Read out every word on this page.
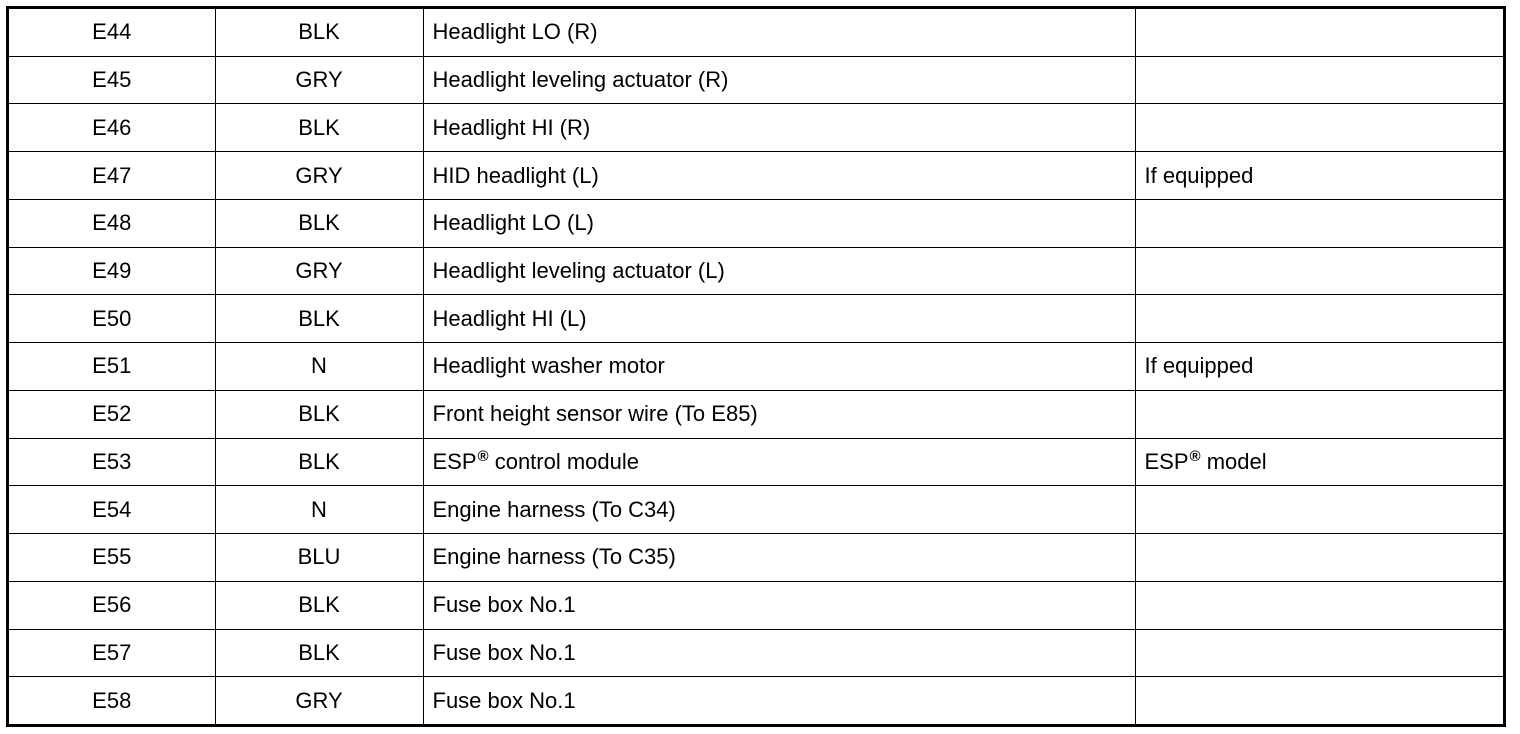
E44	BLK	Headlight LO (R)	
E45	GRY	Headlight leveling actuator (R)	
E46	BLK	Headlight HI (R)	
E47	GRY	HID headlight (L)	If equipped
E48	BLK	Headlight LO (L)	
E49	GRY	Headlight leveling actuator (L)	
E50	BLK	Headlight HI (L)	
E51	N	Headlight washer motor	If equipped
E52	BLK	Front height sensor wire (To E85)	
E53	BLK	ESP® control module	ESP® model
E54	N	Engine harness (To C34)	
E55	BLU	Engine harness (To C35)	
E56	BLK	Fuse box No.1	
E57	BLK	Fuse box No.1	
E58	GRY	Fuse box No.1	
